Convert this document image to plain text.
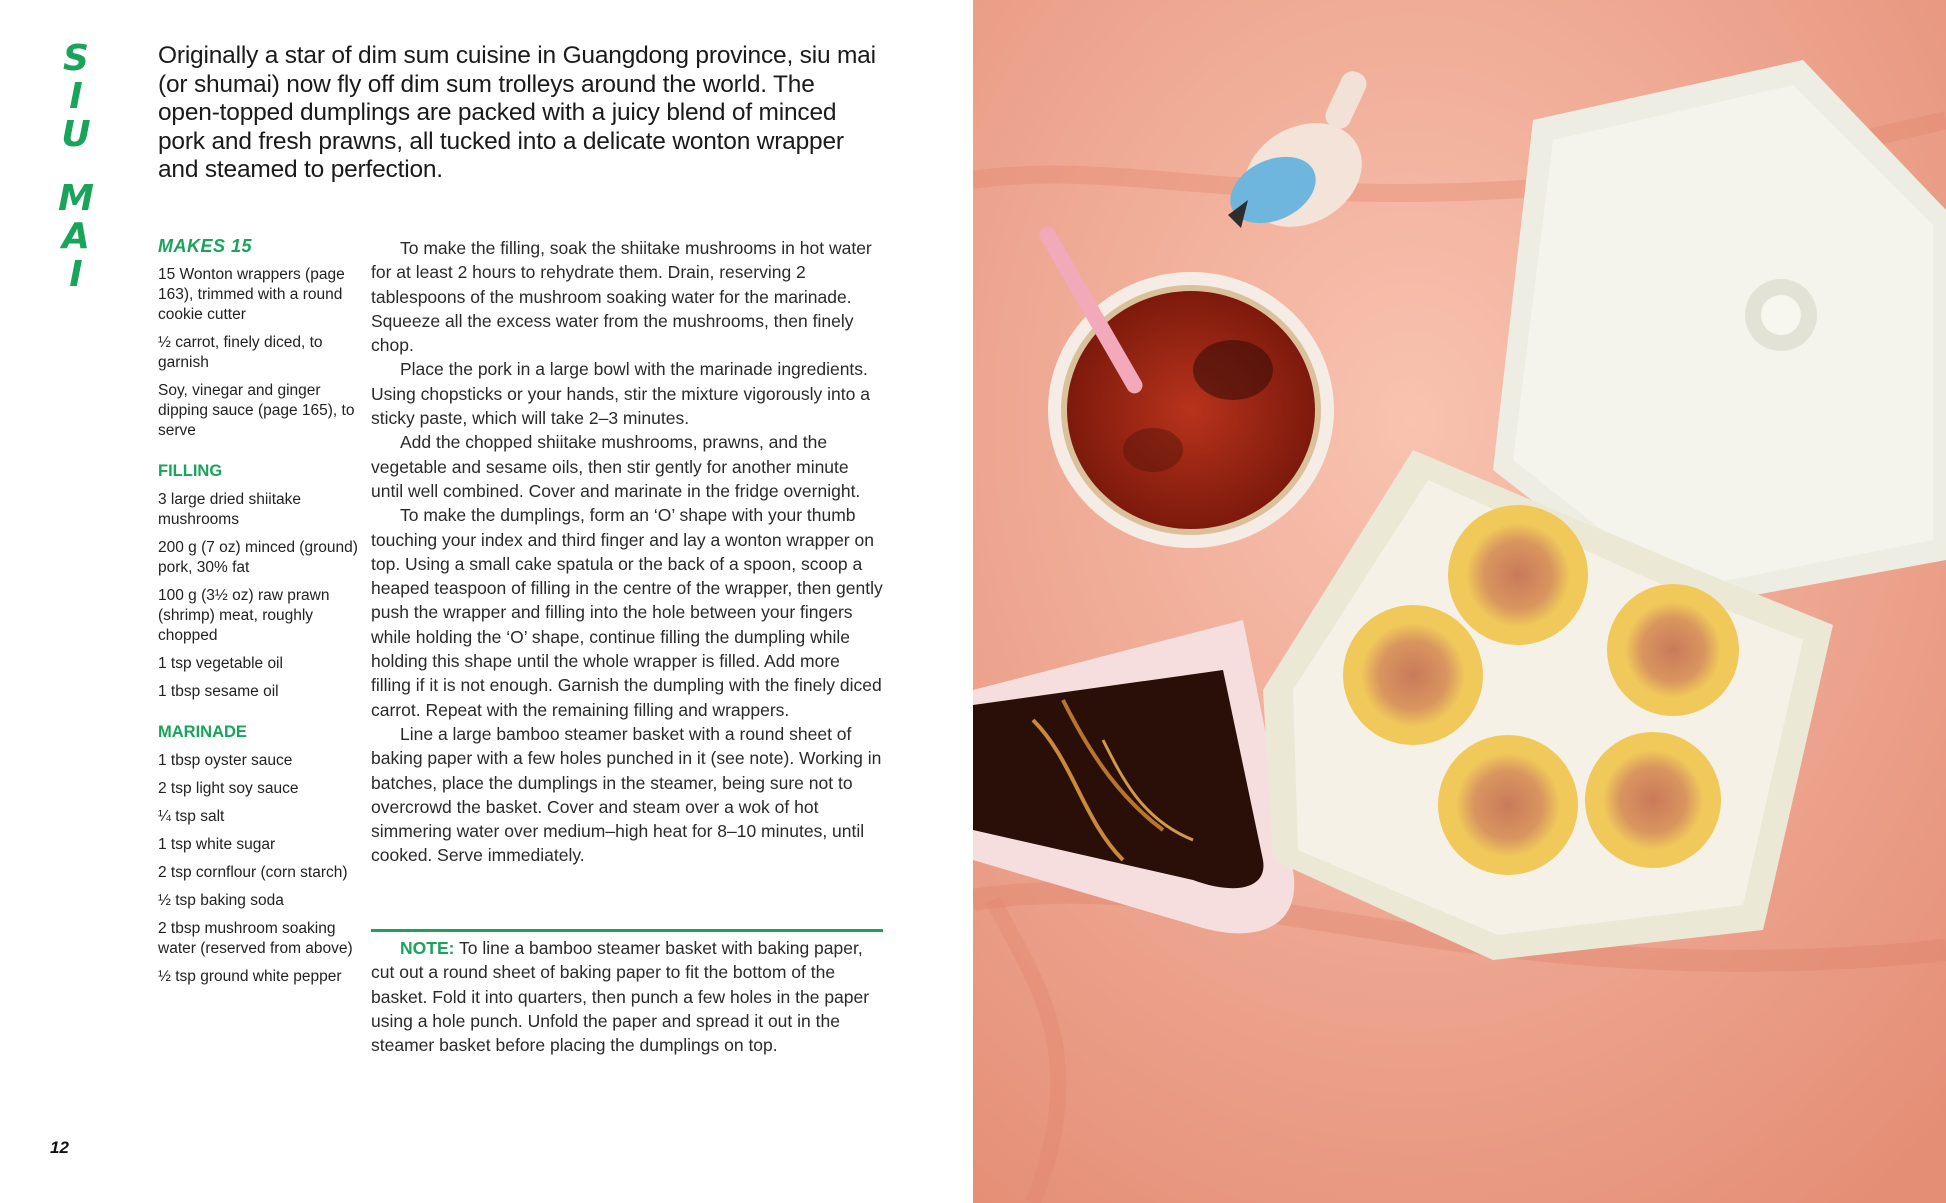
S
I
U
M
A
I

Originally a star of dim sum cuisine in Guangdong province, siu mai (or shumai) now fly off dim sum trolleys around the world. The open-topped dumplings are packed with a juicy blend of minced pork and fresh prawns, all tucked into a delicate wonton wrapper and steamed to perfection.

MAKES 15
15 Wonton wrappers (page 163), trimmed with a round cookie cutter
½ carrot, finely diced, to garnish
Soy, vinegar and ginger dipping sauce (page 165), to serve
FILLING
3 large dried shiitake mushrooms
200 g (7 oz) minced (ground) pork, 30% fat
100 g (3½ oz) raw prawn (shrimp) meat, roughly chopped
1 tsp vegetable oil
1 tbsp sesame oil
MARINADE
1 tbsp oyster sauce
2 tsp light soy sauce
¼ tsp salt
1 tsp white sugar
2 tsp cornflour (corn starch)
½ tsp baking soda
2 tbsp mushroom soaking water (reserved from above)
½ tsp ground white pepper

To make the filling, soak the shiitake mushrooms in hot water for at least 2 hours to rehydrate them. Drain, reserving 2 tablespoons of the mushroom soaking water for the marinade. Squeeze all the excess water from the mushrooms, then finely chop.

Place the pork in a large bowl with the marinade ingredients. Using chopsticks or your hands, stir the mixture vigorously into a sticky paste, which will take 2–3 minutes.

Add the chopped shiitake mushrooms, prawns, and the vegetable and sesame oils, then stir gently for another minute until well combined. Cover and marinate in the fridge overnight.

To make the dumplings, form an ‘O’ shape with your thumb touching your index and third finger and lay a wonton wrapper on top. Using a small cake spatula or the back of a spoon, scoop a heaped teaspoon of filling in the centre of the wrapper, then gently push the wrapper and filling into the hole between your fingers while holding the ‘O’ shape, continue filling the dumpling while holding this shape until the whole wrapper is filled. Add more filling if it is not enough. Garnish the dumpling with the finely diced carrot. Repeat with the remaining filling and wrappers.

Line a large bamboo steamer basket with a round sheet of baking paper with a few holes punched in it (see note). Working in batches, place the dumplings in the steamer, being sure not to overcrowd the basket. Cover and steam over a wok of hot simmering water over medium–high heat for 8–10 minutes, until cooked. Serve immediately.

NOTE: To line a bamboo steamer basket with baking paper, cut out a round sheet of baking paper to fit the bottom of the basket. Fold it into quarters, then punch a few holes in the paper using a hole punch. Unfold the paper and spread it out in the steamer basket before placing the dumplings on top.

12
